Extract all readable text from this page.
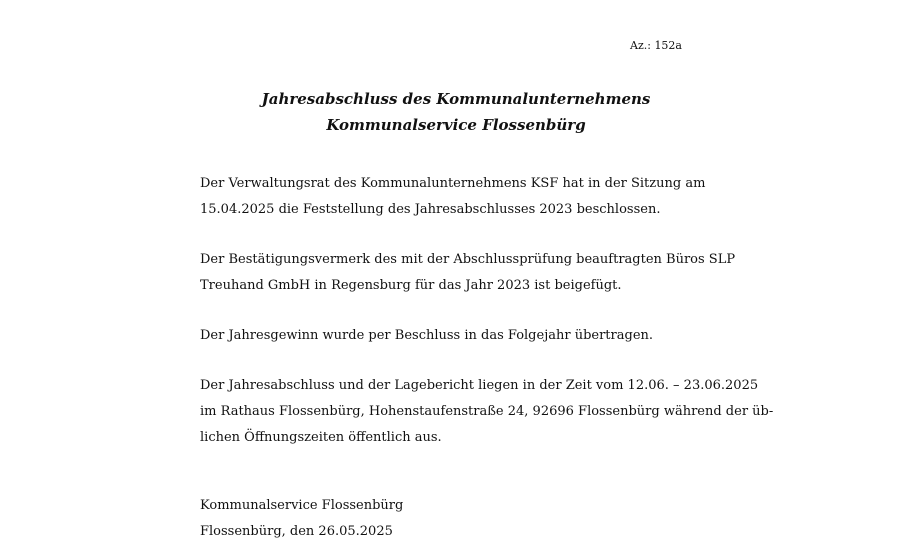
Az.: 152a
Jahresabschluss des Kommunalunternehmens
Kommunalservice Flossenbürg
Der Verwaltungsrat des Kommunalunternehmens KSF hat in der Sitzung am
15.04.2025 die Feststellung des Jahresabschlusses 2023 beschlossen.
Der Bestätigungsvermerk des mit der Abschlussprüfung beauftragten Büros SLP
Treuhand GmbH in Regensburg für das Jahr 2023 ist beigefügt.
Der Jahresgewinn wurde per Beschluss in das Folgejahr übertragen.
Der Jahresabschluss und der Lagebericht liegen in der Zeit vom 12.06. – 23.06.2025
im Rathaus Flossenbürg, Hohenstaufenstraße 24, 92696 Flossenbürg während der üb-
lichen Öffnungszeiten öffentlich aus.
Kommunalservice Flossenbürg
Flossenbürg, den 26.05.2025
